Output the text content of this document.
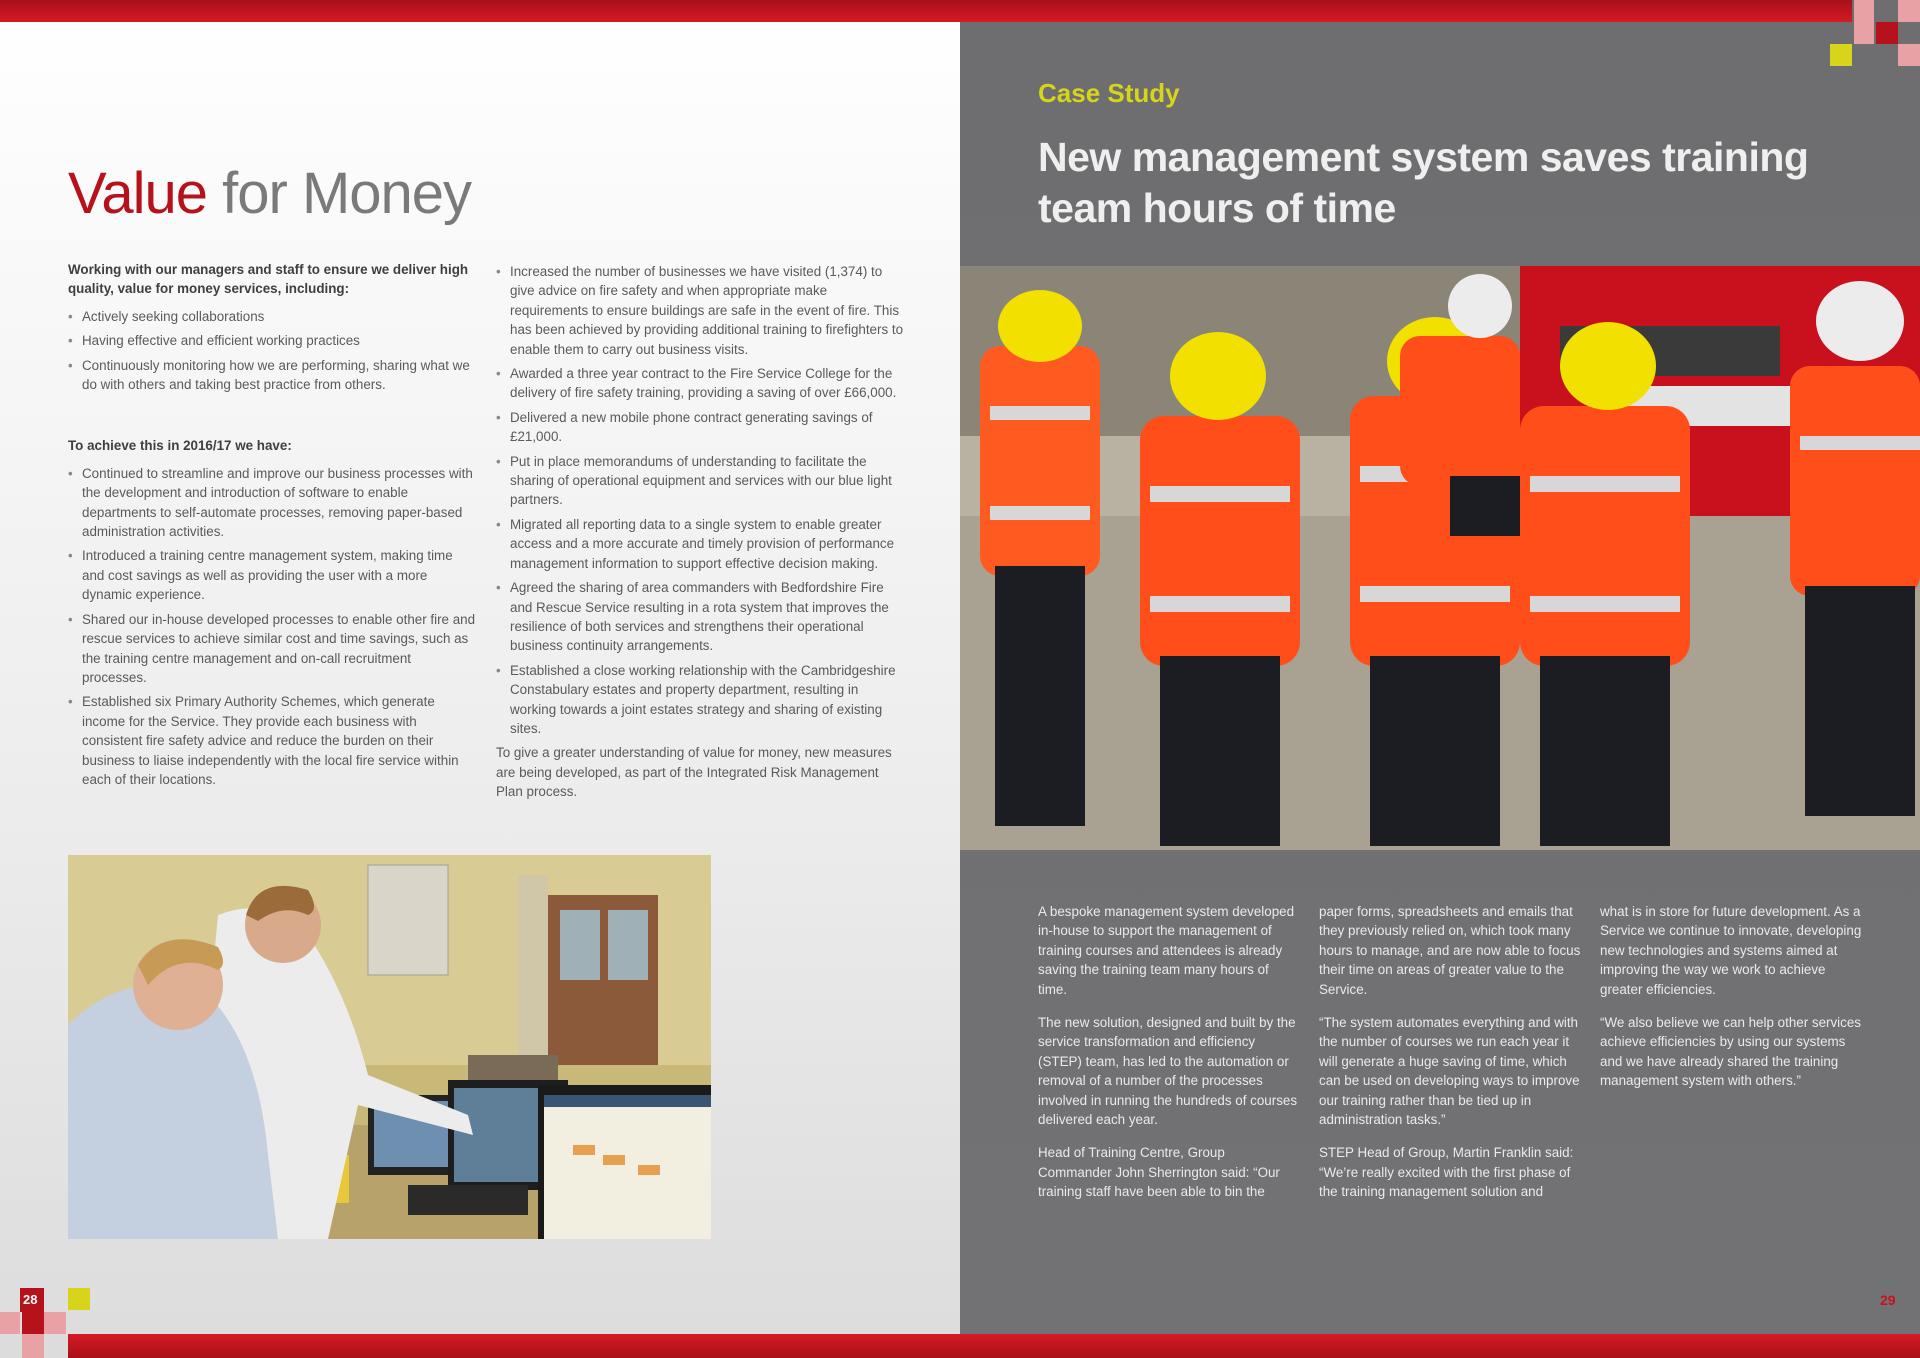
Value for Money

Working with our managers and staff to ensure we deliver high quality, value for money services, including:

• Actively seeking collaborations
• Having effective and efficient working practices
• Continuously monitoring how we are performing, sharing what we do with others and taking best practice from others.

To achieve this in 2016/17 we have:

• Continued to streamline and improve our business processes with the development and introduction of software to enable departments to self-automate processes, removing paper-based administration activities.
• Introduced a training centre management system, making time and cost savings as well as providing the user with a more dynamic experience.
• Shared our in-house developed processes to enable other fire and rescue services to achieve similar cost and time savings, such as the training centre management and on-call recruitment processes.
• Established six Primary Authority Schemes, which generate income for the Service. They provide each business with consistent fire safety advice and reduce the burden on their business to liaise independently with the local fire service within each of their locations.
• Increased the number of businesses we have visited (1,374) to give advice on fire safety and when appropriate make requirements to ensure buildings are safe in the event of fire. This has been achieved by providing additional training to firefighters to enable them to carry out business visits.
• Awarded a three year contract to the Fire Service College for the delivery of fire safety training, providing a saving of over £66,000.
• Delivered a new mobile phone contract generating savings of £21,000.
• Put in place memorandums of understanding to facilitate the sharing of operational equipment and services with our blue light partners.
• Migrated all reporting data to a single system to enable greater access and a more accurate and timely provision of performance management information to support effective decision making.
• Agreed the sharing of area commanders with Bedfordshire Fire and Rescue Service resulting in a rota system that improves the resilience of both services and strengthens their operational business continuity arrangements.
• Established a close working relationship with the Cambridgeshire Constabulary estates and property department, resulting in working towards a joint estates strategy and sharing of existing sites.

To give a greater understanding of value for money, new measures are being developed, as part of the Integrated Risk Management Plan process.

28

A bespoke management system developed in-house to support the management of training courses and attendees is already saving the training team many hours of time.

The new solution, designed and built by the service transformation and efficiency (STEP) team, has led to the automation or removal of a number of the processes involved in running the hundreds of courses delivered each year.

Head of Training Centre, Group Commander John Sherrington said: “Our training staff have been able to bin the

paper forms, spreadsheets and emails that they previously relied on, which took many hours to manage, and are now able to focus their time on areas of greater value to the Service.

“The system automates everything and with the number of courses we run each year it will generate a huge saving of time, which can be used on developing ways to improve our training rather than be tied up in administration tasks.”

STEP Head of Group, Martin Franklin said: “We’re really excited with the first phase of the training management solution and

what is in store for future development. As a Service we continue to innovate, developing new technologies and systems aimed at improving the way we work to achieve greater efficiencies.

“We also believe we can help other services achieve efficiencies by using our systems and we have already shared the training management system with others.”

29
Case Study
New management system saves training team hours of time
